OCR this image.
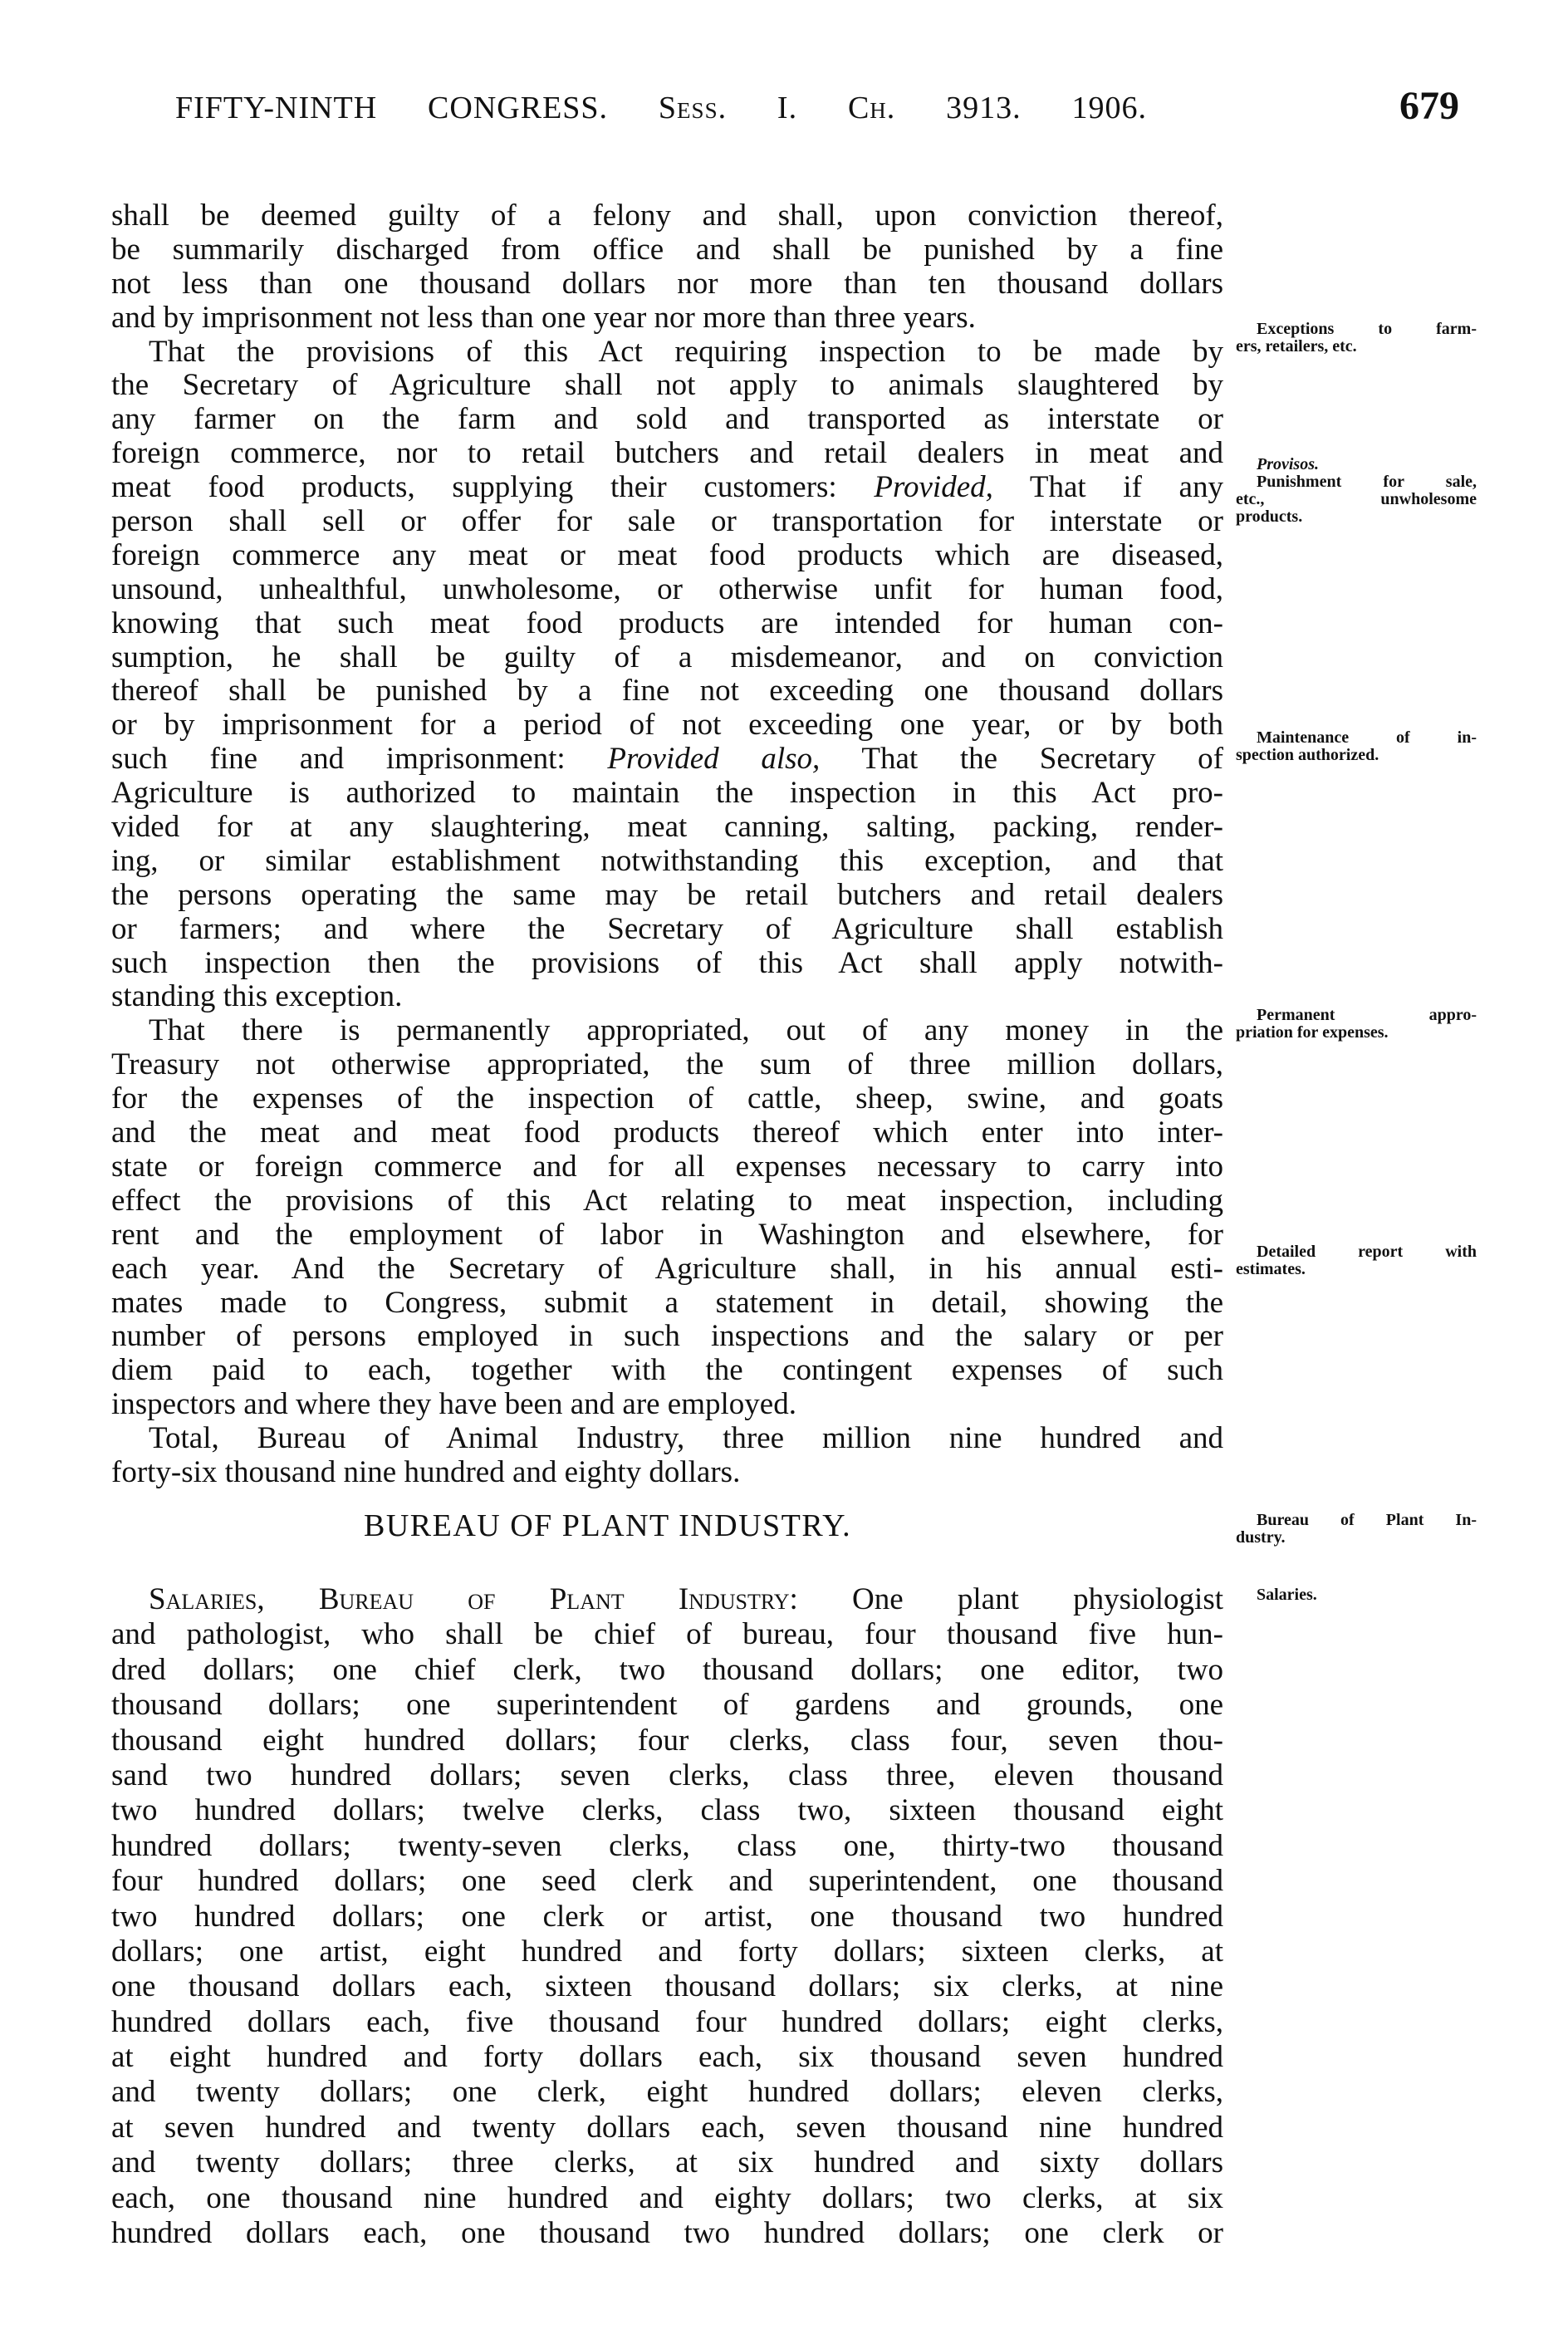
FIFTY-NINTH CONGRESS. Sess. I. Ch. 3913. 1906.	679
shall be deemed guilty of a felony and shall, upon conviction thereof,
be summarily discharged from office and shall be punished by a fine
not less than one thousand dollars nor more than ten thousand dollars
and by imprisonment not less than one year nor more than three years.
That the provisions of this Act requiring inspection to be made by
the Secretary of Agriculture shall not apply to animals slaughtered by
any farmer on the farm and sold and transported as interstate or
foreign commerce, nor to retail butchers and retail dealers in meat and
meat food products, supplying their customers: Provided, That if any
person shall sell or offer for sale or transportation for interstate or
foreign commerce any meat or meat food products which are diseased,
unsound, unhealthful, unwholesome, or otherwise unfit for human food,
knowing that such meat food products are intended for human con-
sumption, he shall be guilty of a misdemeanor, and on conviction
thereof shall be punished by a fine not exceeding one thousand dollars
or by imprisonment for a period of not exceeding one year, or by both
such fine and imprisonment: Provided also, That the Secretary of
Agriculture is authorized to maintain the inspection in this Act pro-
vided for at any slaughtering, meat canning, salting, packing, render-
ing, or similar establishment notwithstanding this exception, and that
the persons operating the same may be retail butchers and retail dealers
or farmers; and where the Secretary of Agriculture shall establish
such inspection then the provisions of this Act shall apply notwith-
standing this exception.
That there is permanently appropriated, out of any money in the
Treasury not otherwise appropriated, the sum of three million dollars,
for the expenses of the inspection of cattle, sheep, swine, and goats
and the meat and meat food products thereof which enter into inter-
state or foreign commerce and for all expenses necessary to carry into
effect the provisions of this Act relating to meat inspection, including
rent and the employment of labor in Washington and elsewhere, for
each year. And the Secretary of Agriculture shall, in his annual esti-
mates made to Congress, submit a statement in detail, showing the
number of persons employed in such inspections and the salary or per
diem paid to each, together with the contingent expenses of such
inspectors and where they have been and are employed.
Total, Bureau of Animal Industry, three million nine hundred and
forty-six thousand nine hundred and eighty dollars.
BUREAU OF PLANT INDUSTRY.
Salaries, Bureau of Plant Industry: One plant physiologist
and pathologist, who shall be chief of bureau, four thousand five hun-
dred dollars; one chief clerk, two thousand dollars; one editor, two
thousand dollars; one superintendent of gardens and grounds, one
thousand eight hundred dollars; four clerks, class four, seven thou-
sand two hundred dollars; seven clerks, class three, eleven thousand
two hundred dollars; twelve clerks, class two, sixteen thousand eight
hundred dollars; twenty-seven clerks, class one, thirty-two thousand
four hundred dollars; one seed clerk and superintendent, one thousand
two hundred dollars; one clerk or artist, one thousand two hundred
dollars; one artist, eight hundred and forty dollars; sixteen clerks, at
one thousand dollars each, sixteen thousand dollars; six clerks, at nine
hundred dollars each, five thousand four hundred dollars; eight clerks,
at eight hundred and forty dollars each, six thousand seven hundred
and twenty dollars; one clerk, eight hundred dollars; eleven clerks,
at seven hundred and twenty dollars each, seven thousand nine hundred
and twenty dollars; three clerks, at six hundred and sixty dollars
each, one thousand nine hundred and eighty dollars; two clerks, at six
hundred dollars each, one thousand two hundred dollars; one clerk or
Exceptions to farm-
ers, retailers, etc.
Provisos.
Punishment for sale,
etc., unwholesome
products.
Maintenance of in-
spection authorized.
Permanent appro-
priation for expenses.
Detailed report with
estimates.
Bureau of Plant In-
dustry.
Salaries.
